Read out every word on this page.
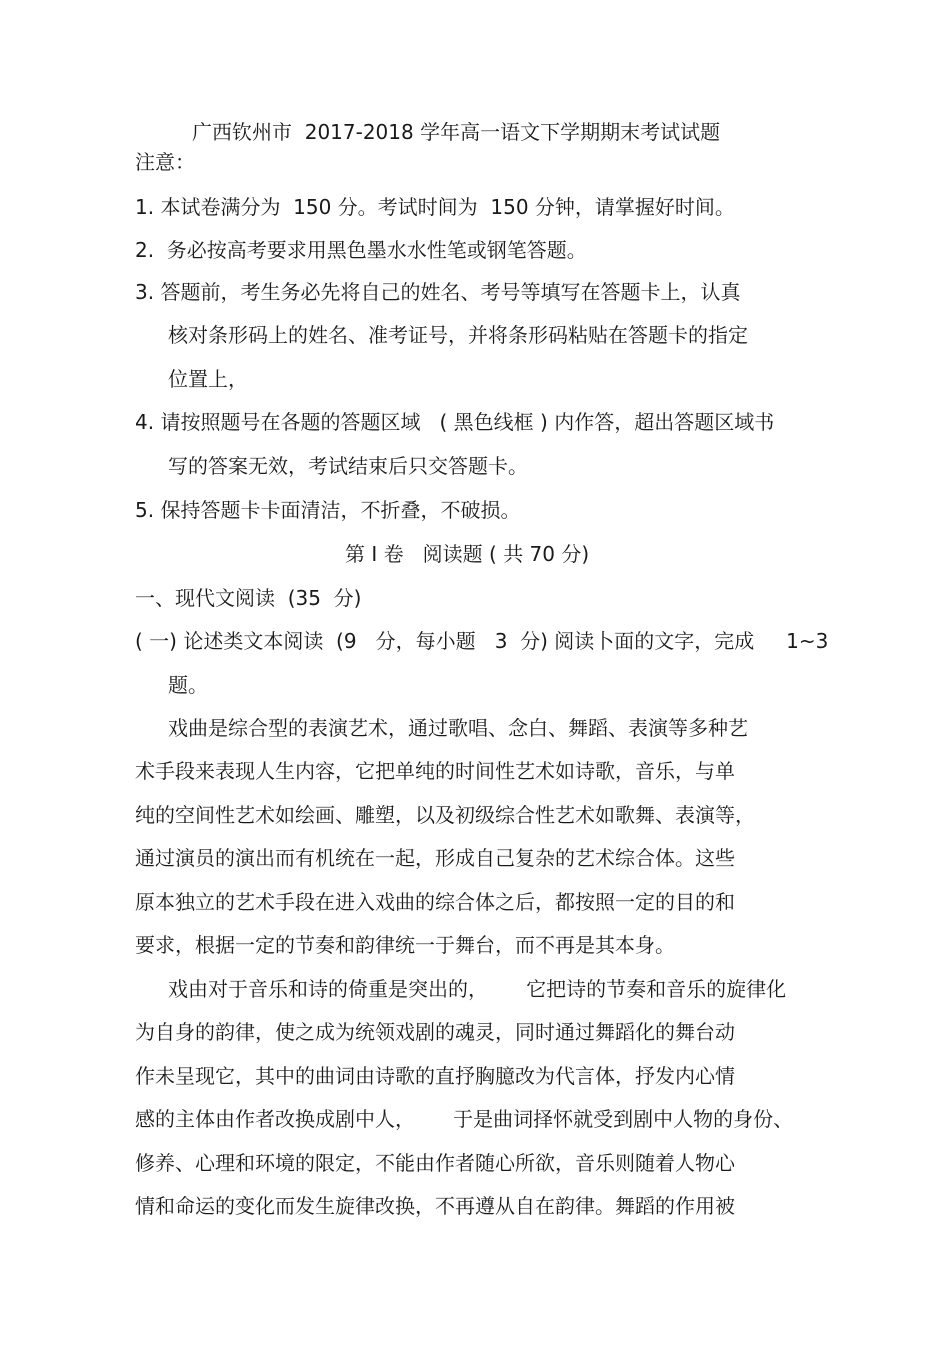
广西钦州市  2017-2018 学年高一语文下学期期末考试试题
注意：
1. 本试卷满分为  150 分。考试时间为  150 分钟，请掌握好时间。
2.  务必按高考要求用黑色墨水水性笔或钢笔答题。
3. 答题前，考生务必先将自己的姓名、考号等填写在答题卡上，认真
核对条形码上的姓名、准考证号，并将条形码粘贴在答题卡的指定
位置上，
4. 请按照题号在各题的答题区域   ( 黑色线框 ) 内作答，超出答题区域书
写的答案无效，考试结束后只交答题卡。
5. 保持答题卡卡面清洁，不折叠，不破损。
第 Ⅰ 卷   阅读题 ( 共 70 分)
一、现代文阅读  (35  分)
( 一) 论述类文本阅读  (9   分，每小题   3  分) 阅读卜面的文字，完成     1~3
题。
戏曲是综合型的表演艺术，通过歌唱、念白、舞蹈、表演等多种艺
术手段来表现人生内容，它把单纯的时间性艺术如诗歌，音乐，与单
纯的空间性艺术如绘画、雕塑，以及初级综合性艺术如歌舞、表演等，
通过演员的演出而有机统在一起，形成自己复杂的艺术综合体。这些
原本独立的艺术手段在进入戏曲的综合体之后，都按照一定的目的和
要求，根据一定的节奏和韵律统一于舞台，而不再是其本身。
戏由对于音乐和诗的倚重是突出的，      它把诗的节奏和音乐的旋律化
为自身的韵律，使之成为统领戏剧的魂灵，同时通过舞蹈化的舞台动
作未呈现它，其中的曲词由诗歌的直抒胸臆改为代言体，抒发内心情
感的主体由作者改换成剧中人，      于是曲词择怀就受到剧中人物的身份、
修养、心理和环境的限定，不能由作者随心所欲，音乐则随着人物心
情和命运的变化而发生旋律改换，不再遵从自在韵律。舞蹈的作用被
